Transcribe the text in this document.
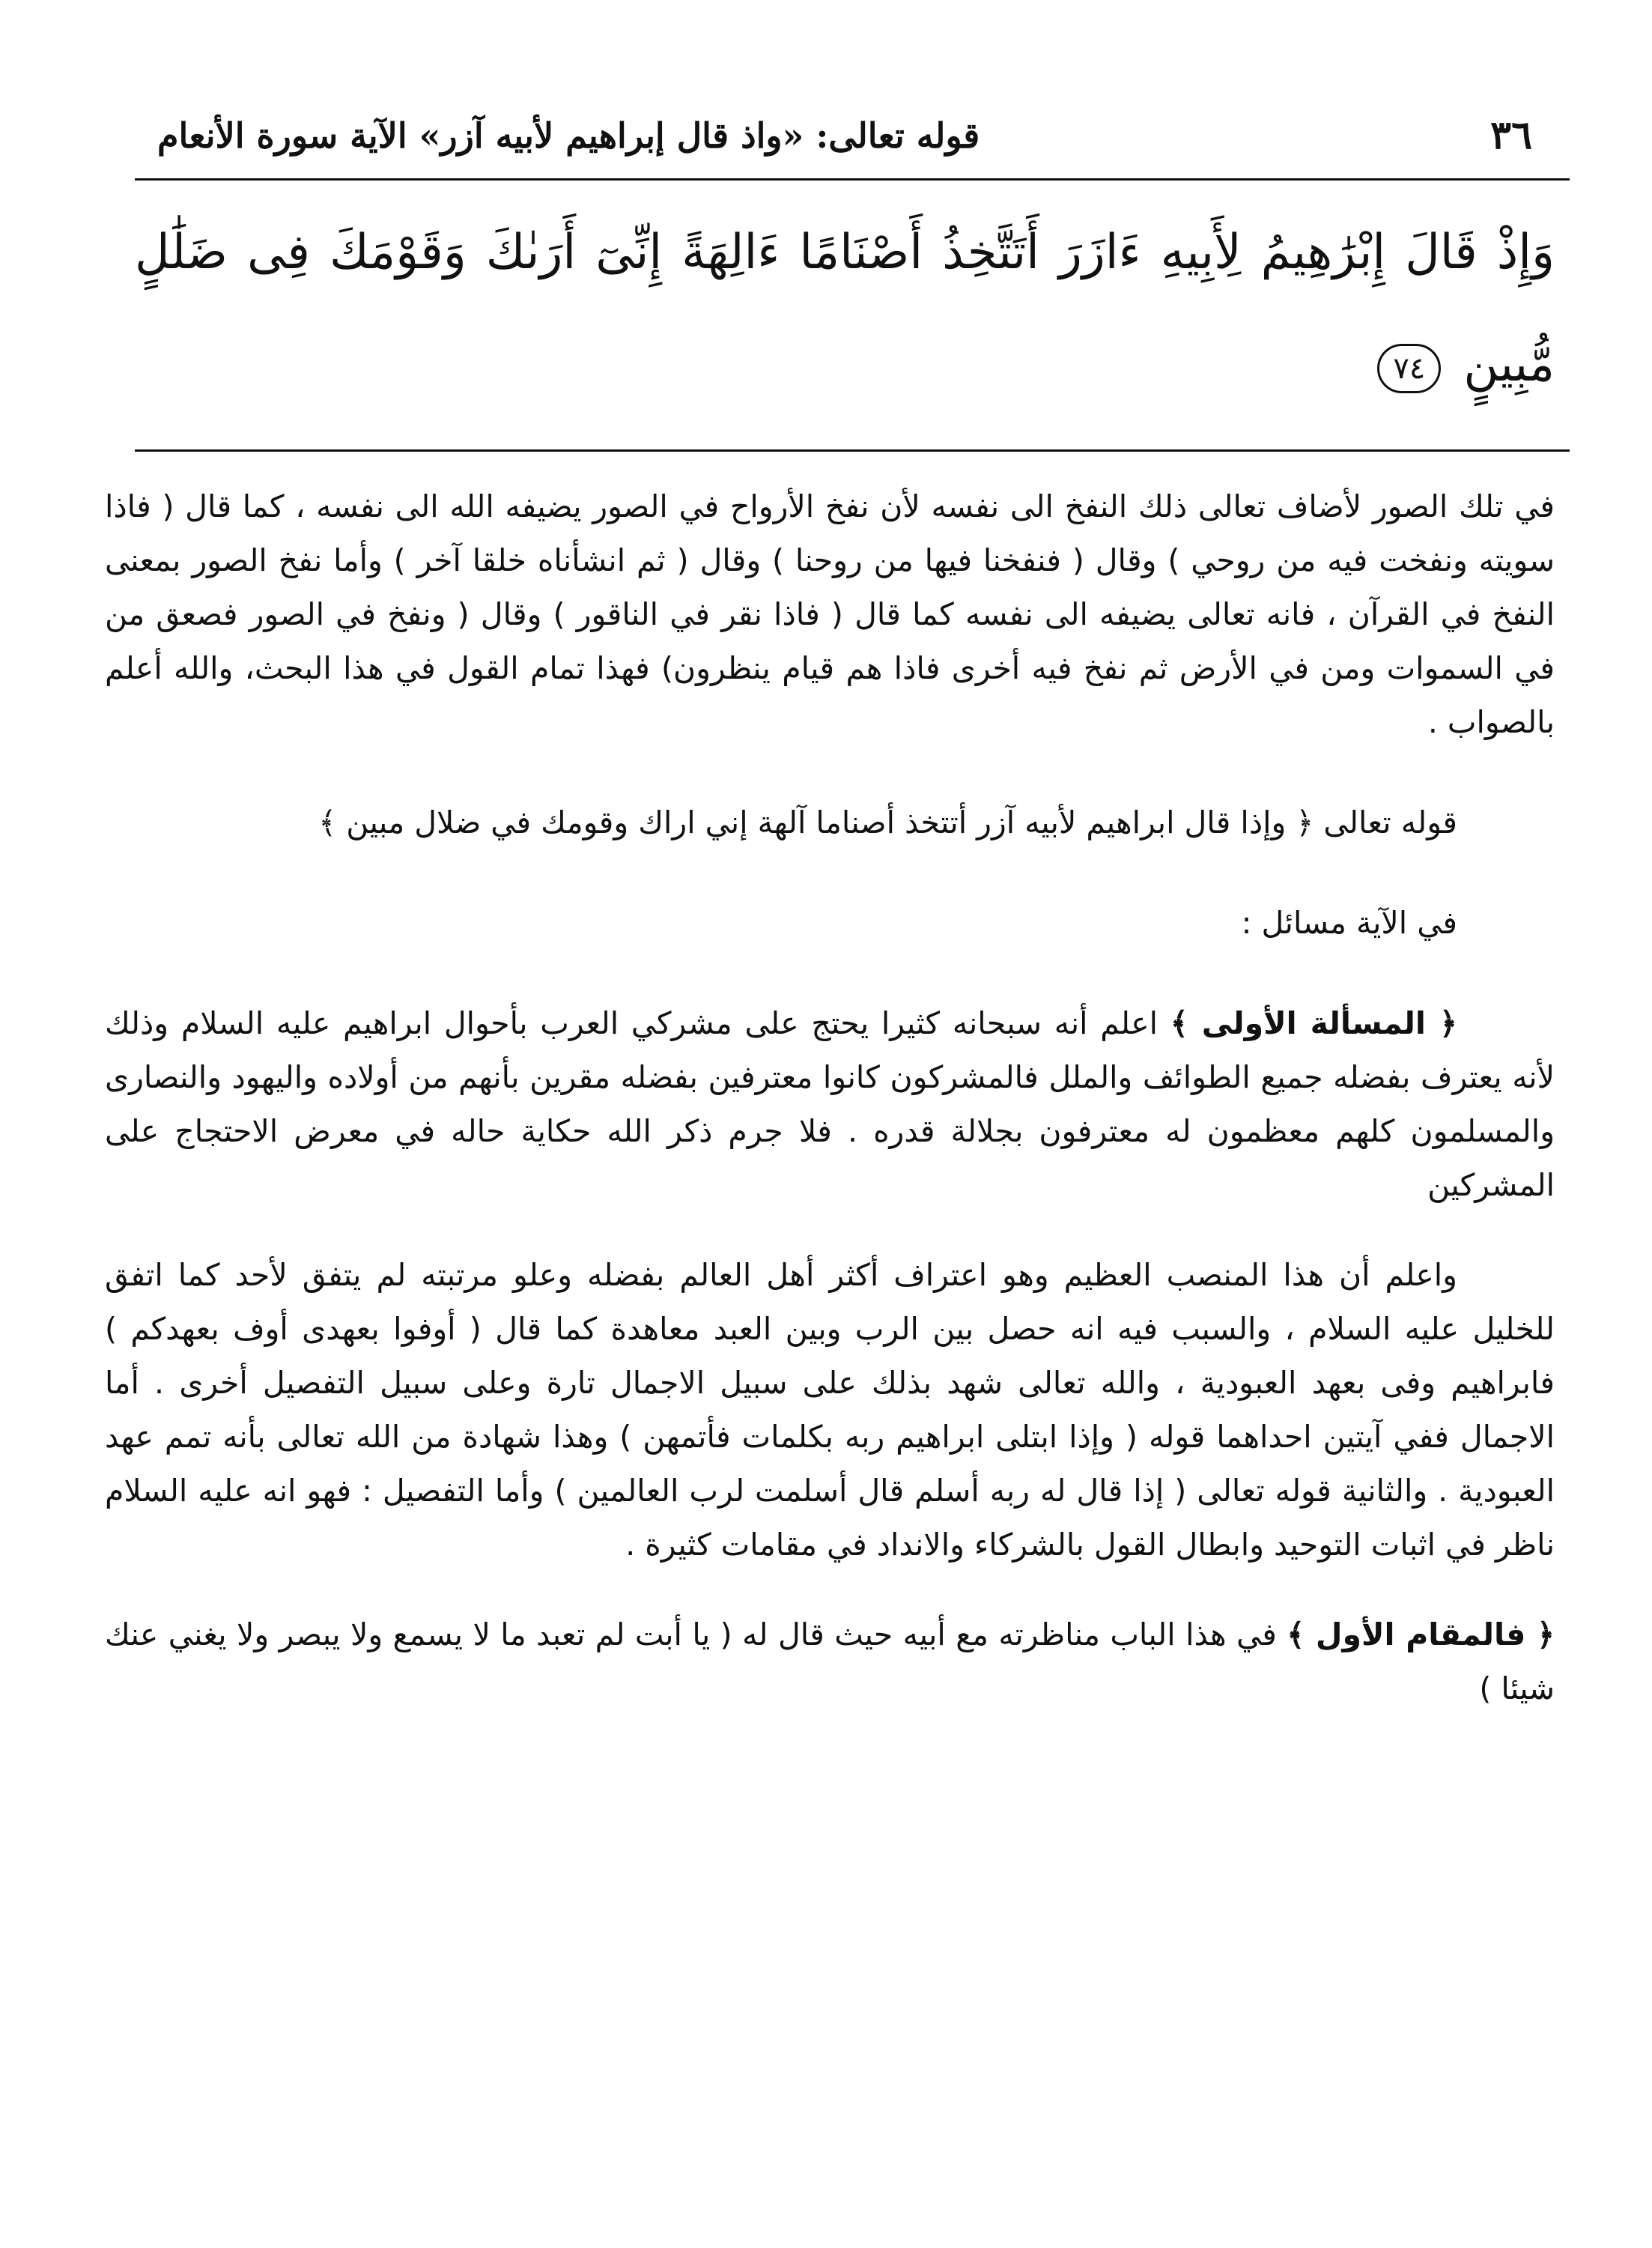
٣٦
قوله تعالى: «واذ قال إبراهيم لأبيه آزر» الآية سورة الأنعام
وَإِذْ قَالَ إِبْرَٰهِيمُ لِأَبِيهِ ءَازَرَ أَتَتَّخِذُ أَصْنَامًا ءَالِهَةً إِنِّىٓ أَرَىٰكَ وَقَوْمَكَ فِى ضَلَٰلٍ مُّبِينٍ٧٤

في تلك الصور لأضاف تعالى ذلك النفخ الى نفسه لأن نفخ الأرواح في الصور يضيفه الله الى نفسه ، كما قال ( فاذا سويته ونفخت فيه من روحي ) وقال ( فنفخنا فيها من روحنا ) وقال ( ثم انشأناه خلقا آخر ) وأما نفخ الصور بمعنى النفخ في القرآن ، فانه تعالى يضيفه الى نفسه كما قال ( فاذا نقر في الناقور ) وقال ( ونفخ في الصور فصعق من في السموات ومن في الأرض ثم نفخ فيه أخرى فاذا هم قيام ينظرون) فهذا تمام القول في هذا البحث، والله أعلم بالصواب .

قوله تعالى ﴿ وإذا قال ابراهيم لأبيه آزر أتتخذ أصناما آلهة إني اراك وقومك في ضلال مبين ﴾

في الآية مسائل :

﴿ المسألة الأولى ﴾ اعلم أنه سبحانه كثيرا يحتج على مشركي العرب بأحوال ابراهيم عليه السلام وذلك لأنه يعترف بفضله جميع الطوائف والملل فالمشركون كانوا معترفين بفضله مقرين بأنهم من أولاده واليهود والنصارى والمسلمون كلهم معظمون له معترفون بجلالة قدره . فلا جرم ذكر الله حكاية حاله في معرض الاحتجاج على المشركين

واعلم أن هذا المنصب العظيم وهو اعتراف أكثر أهل العالم بفضله وعلو مرتبته لم يتفق لأحد كما اتفق للخليل عليه السلام ، والسبب فيه انه حصل بين الرب وبين العبد معاهدة كما قال ( أوفوا بعهدى أوف بعهدكم ) فابراهيم وفى بعهد العبودية ، والله تعالى شهد بذلك على سبيل الاجمال تارة وعلى سبيل التفصيل أخرى . أما الاجمال ففي آيتين احداهما قوله ( وإذا ابتلى ابراهيم ربه بكلمات فأتمهن ) وهذا شهادة من الله تعالى بأنه تمم عهد العبودية . والثانية قوله تعالى ( إذا قال له ربه أسلم قال أسلمت لرب العالمين ) وأما التفصيل : فهو انه عليه السلام ناظر في اثبات التوحيد وابطال القول بالشركاء والانداد في مقامات كثيرة .

﴿ فالمقام الأول ﴾ في هذا الباب مناظرته مع أبيه حيث قال له ( يا أبت لم تعبد ما لا يسمع ولا يبصر ولا يغني عنك شيئا )
